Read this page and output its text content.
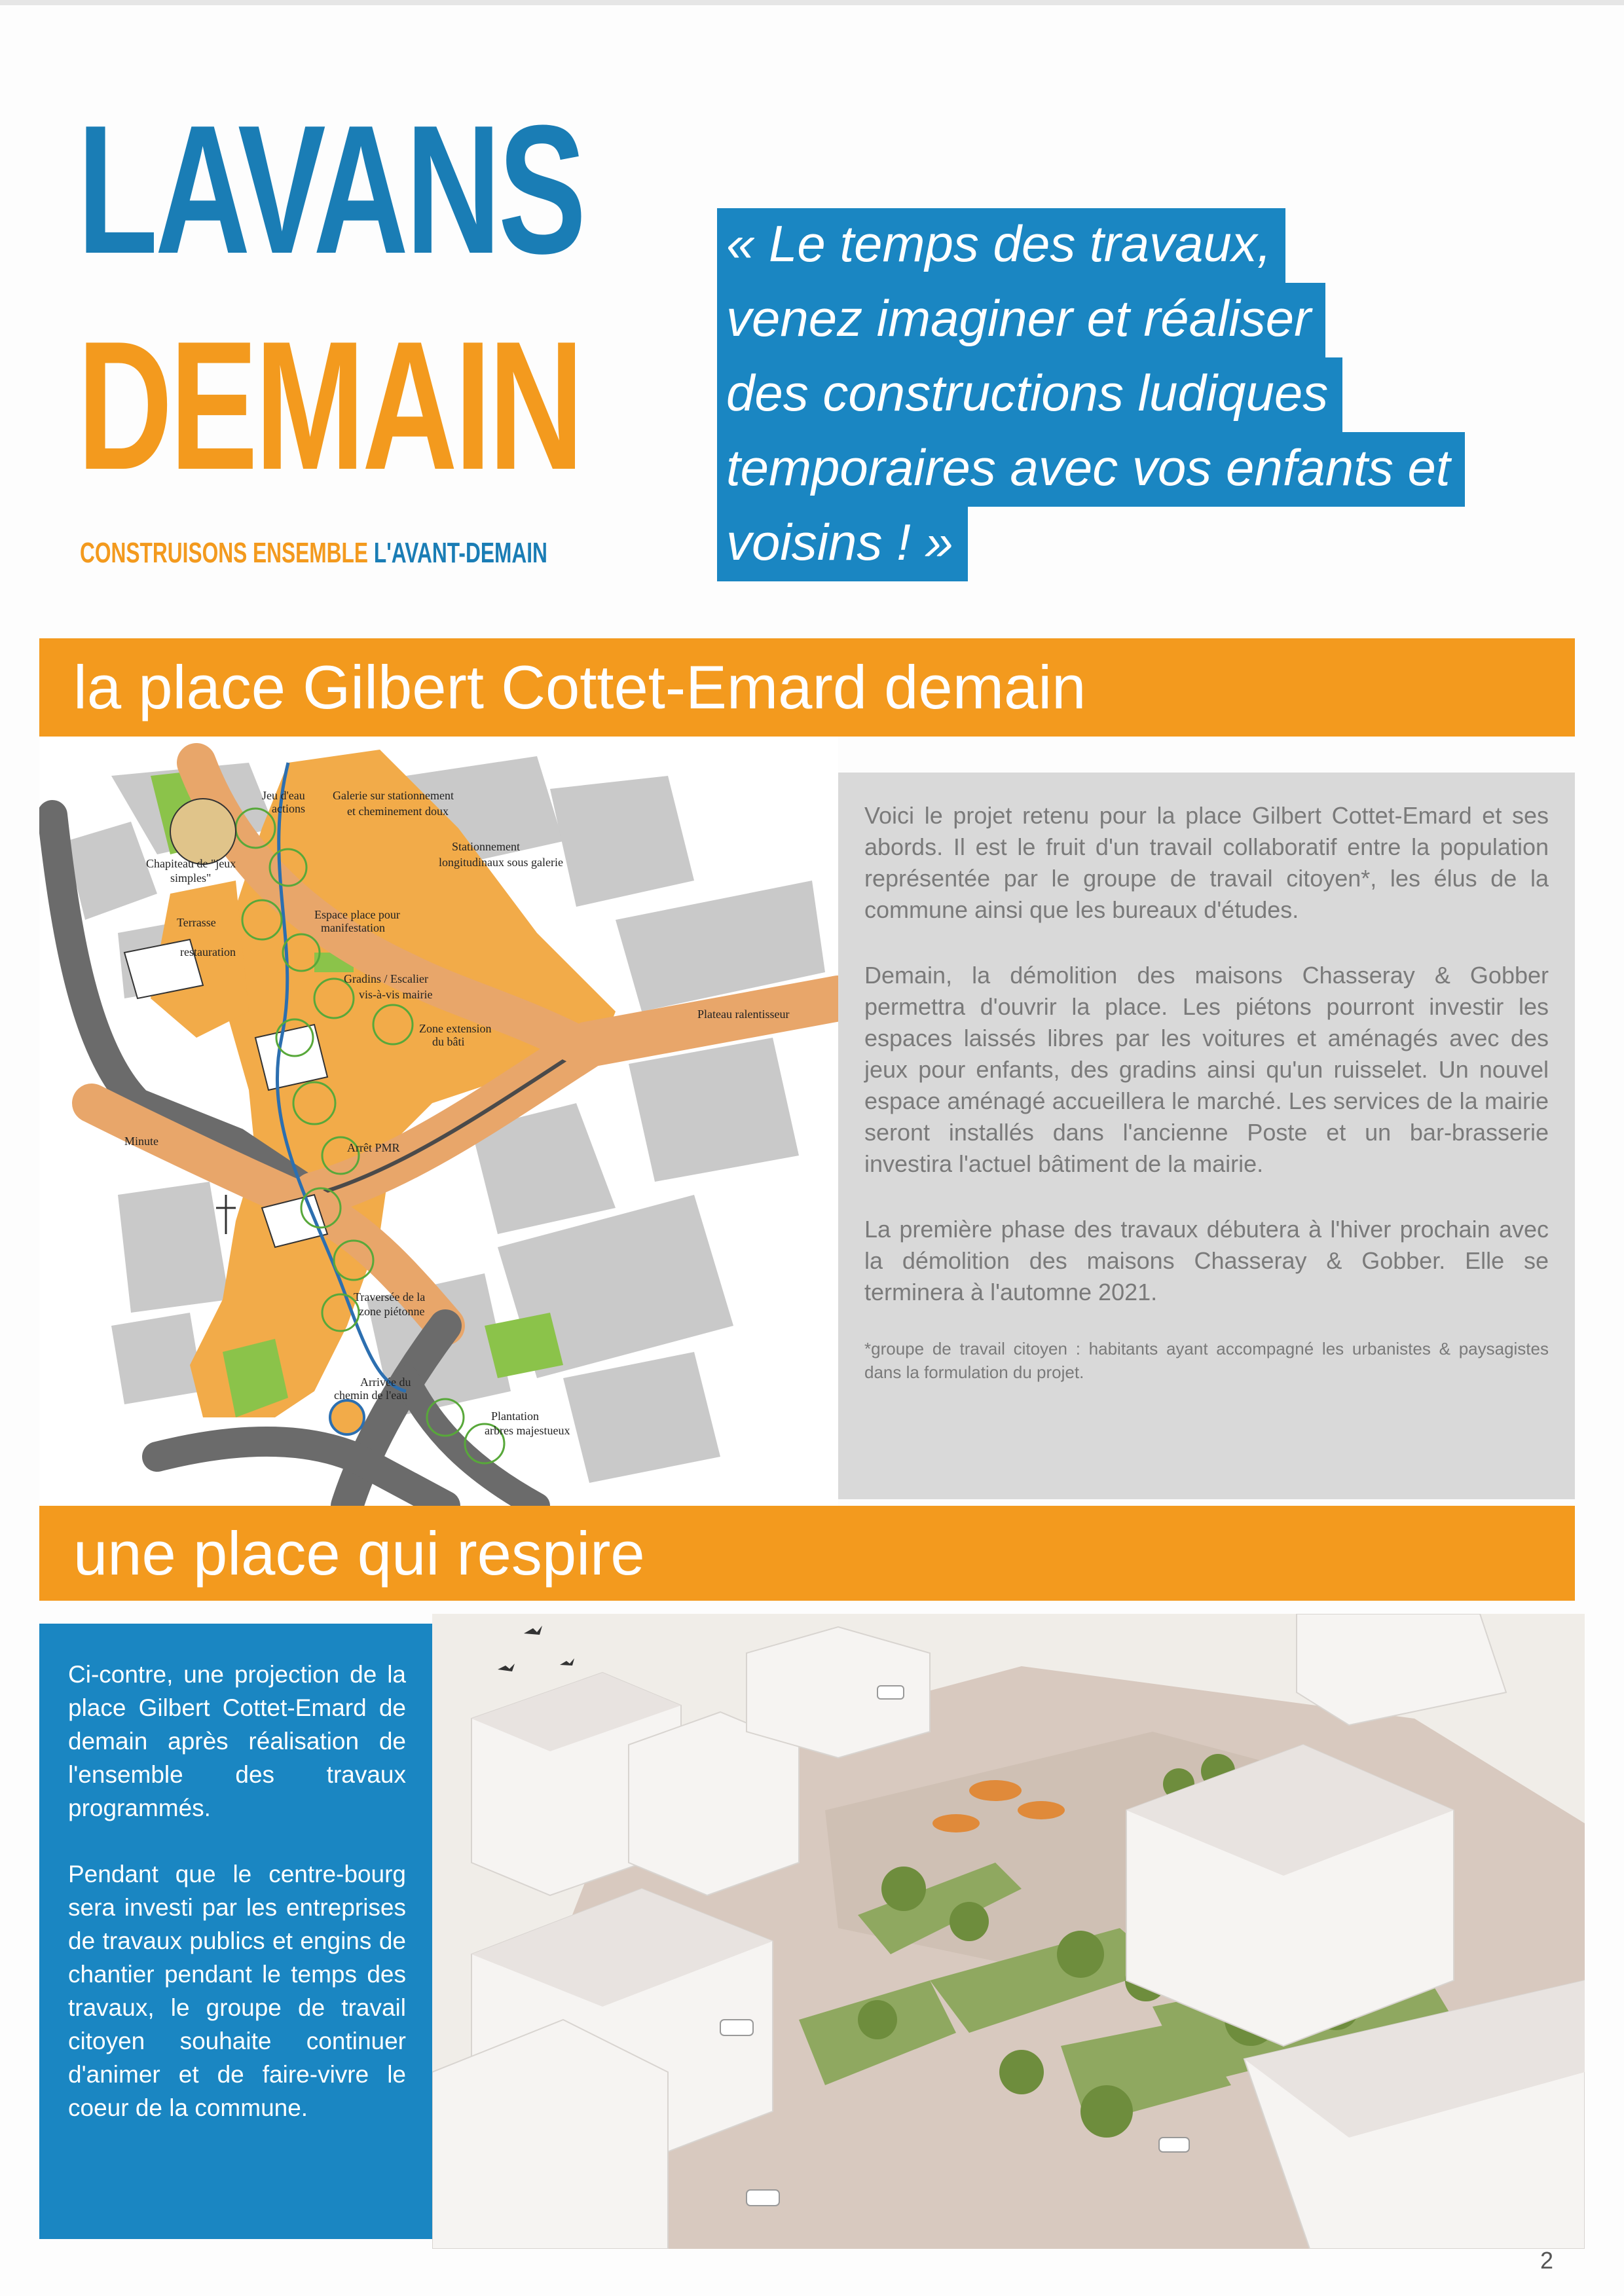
LAVANS
DEMAIN
CONSTRUISONS ENSEMBLE L'AVANT-DEMAIN
« Le temps des travaux,
venez imaginer et réaliser
des constructions ludiques
temporaires avec vos enfants et
voisins ! »
la place Gilbert Cottet-Emard demain
Jeu d'eau
actions
Galerie sur stationnement
et cheminement doux
Chapiteau de "jeux
simples"
Stationnement
longitudinaux sous galerie
Terrasse
restauration
Espace place pour
manifestation
Gradins / Escalier
vis-à-vis mairie
Plateau ralentisseur
Zone extension
du bâti
Minute	Arrêt PMR
Traversée de la
zone piétonne
Arrivée du
chemin de l'eau
Plantation
arbres majestueux

Voici le projet retenu pour la place Gilbert Cottet-Emard et ses abords. Il est le fruit d'un travail collaboratif entre la population représentée par le groupe de travail citoyen*, les élus de la commune ainsi que les bureaux d'études.

Demain, la démolition des maisons Chasseray & Gobber permettra d'ouvrir la place. Les piétons pourront investir les espaces laissés libres par les voitures et aménagés avec des jeux pour enfants, des gradins ainsi qu'un ruisselet. Un nouvel espace aménagé accueillera le marché. Les services de la mairie seront installés dans l'ancienne Poste et un bar-brasserie investira l'actuel bâtiment de la mairie.

La première phase des travaux débutera à l'hiver prochain avec la démolition des maisons Chasseray & Gobber. Elle se terminera à l'automne 2021.

*groupe de travail citoyen : habitants ayant accompagné les urbanistes & paysagistes dans la formulation du projet.

une place qui respire

Ci-contre, une projection de la place Gilbert Cottet-Emard de demain après réalisation de l'ensemble des travaux programmés.

Pendant que le centre-bourg sera investi par les entreprises de travaux publics et engins de chantier pendant le temps des travaux, le groupe de travail citoyen souhaite continuer d'animer et de faire-vivre le coeur de la commune.

2
